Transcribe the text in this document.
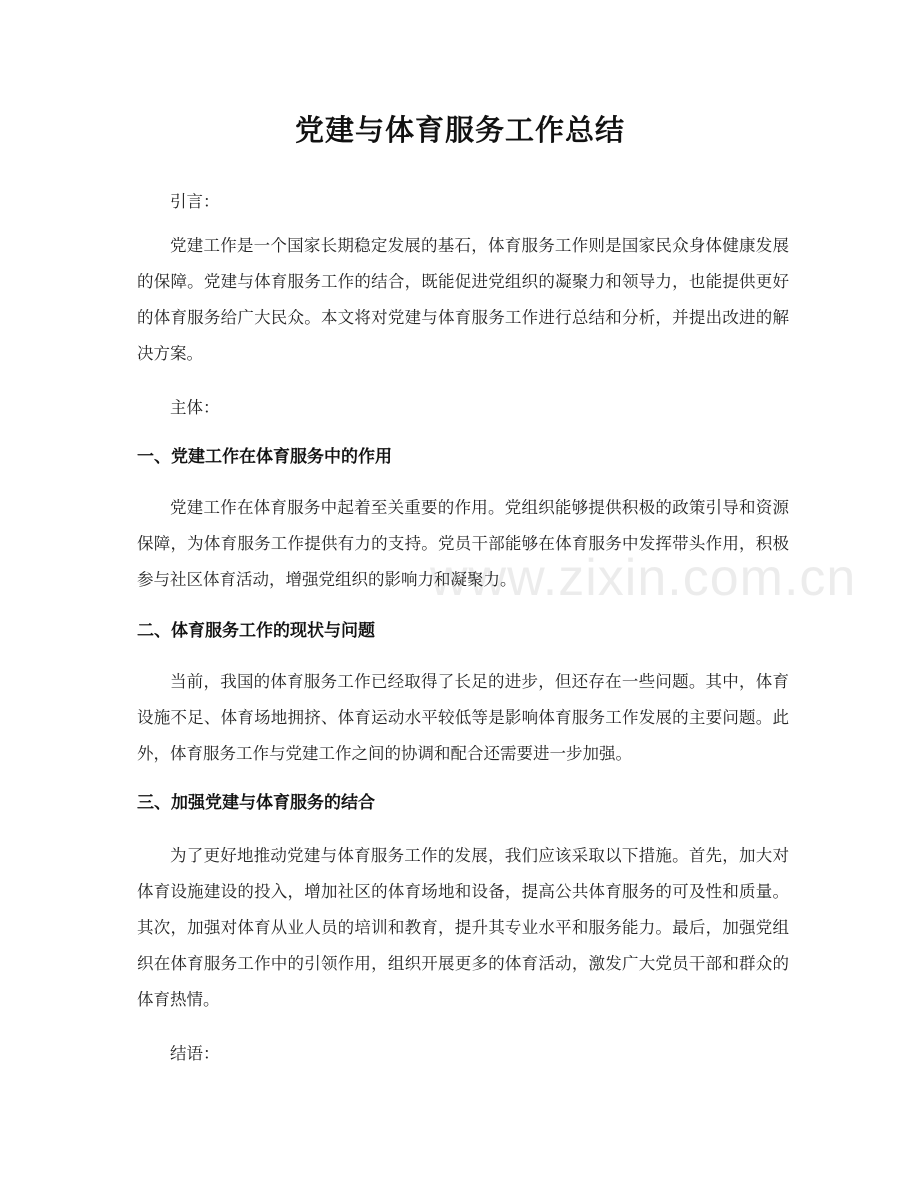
党建与体育服务工作总结
引言：
党建工作是一个国家长期稳定发展的基石，体育服务工作则是国家民众身体健康发展的保障。党建与体育服务工作的结合，既能促进党组织的凝聚力和领导力，也能提供更好的体育服务给广大民众。本文将对党建与体育服务工作进行总结和分析，并提出改进的解决方案。
主体：
一、党建工作在体育服务中的作用
党建工作在体育服务中起着至关重要的作用。党组织能够提供积极的政策引导和资源保障，为体育服务工作提供有力的支持。党员干部能够在体育服务中发挥带头作用，积极参与社区体育活动，增强党组织的影响力和凝聚力。
二、体育服务工作的现状与问题
当前，我国的体育服务工作已经取得了长足的进步，但还存在一些问题。其中，体育设施不足、体育场地拥挤、体育运动水平较低等是影响体育服务工作发展的主要问题。此外，体育服务工作与党建工作之间的协调和配合还需要进一步加强。
三、加强党建与体育服务的结合
为了更好地推动党建与体育服务工作的发展，我们应该采取以下措施。首先，加大对体育设施建设的投入，增加社区的体育场地和设备，提高公共体育服务的可及性和质量。其次，加强对体育从业人员的培训和教育，提升其专业水平和服务能力。最后，加强党组织在体育服务工作中的引领作用，组织开展更多的体育活动，激发广大党员干部和群众的体育热情。
结语：
www.zixin.com.cn
